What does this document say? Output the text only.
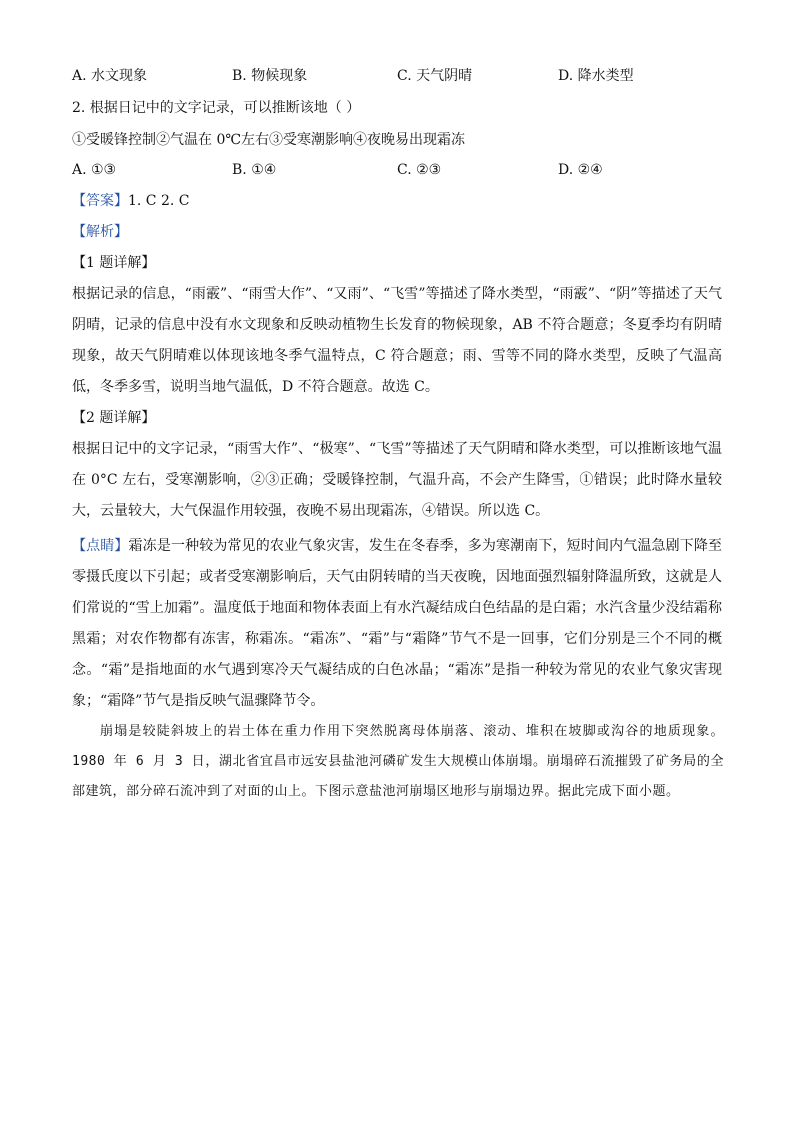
A. 水文现象	B. 物候现象	C. 天气阴晴	D. 降水类型
2. 根据日记中的文字记录，可以推断该地（ ）
①受暖锋控制②气温在 0℃左右③受寒潮影响④夜晚易出现霜冻
A. ①③	B. ①④	C. ②③	D. ②④
【答案】1. C 2. C
【解析】
【1 题详解】
根据记录的信息，“雨霰”、“雨雪大作”、“又雨”、“飞雪”等描述了降水类型，“雨霰”、“阴”等描述了天气阴晴，记录的信息中没有水文现象和反映动植物生长发育的物候现象，AB 不符合题意；冬夏季均有阴晴现象，故天气阴晴难以体现该地冬季气温特点，C 符合题意；雨、雪等不同的降水类型，反映了气温高低，冬季多雪，说明当地气温低，D 不符合题意。故选 C。
【2 题详解】
根据日记中的文字记录，“雨雪大作”、“极寒”、“飞雪”等描述了天气阴晴和降水类型，可以推断该地气温在 0°C 左右，受寒潮影响，②③正确；受暖锋控制，气温升高，不会产生降雪，①错误；此时降水量较大，云量较大，大气保温作用较强，夜晚不易出现霜冻，④错误。所以选 C。
【点睛】霜冻是一种较为常见的农业气象灾害，发生在冬春季，多为寒潮南下，短时间内气温急剧下降至零摄氏度以下引起；或者受寒潮影响后，天气由阴转晴的当天夜晚，因地面强烈辐射降温所致，这就是人们常说的“雪上加霜”。温度低于地面和物体表面上有水汽凝结成白色结晶的是白霜；水汽含量少没结霜称黑霜；对农作物都有冻害，称霜冻。“霜冻”、“霜”与“霜降”节气不是一回事，它们分别是三个不同的概念。“霜”是指地面的水气遇到寒冷天气凝结成的白色冰晶；“霜冻”是指一种较为常见的农业气象灾害现象；“霜降”节气是指反映气温骤降节令。
崩塌是较陡斜坡上的岩土体在重力作用下突然脱离母体崩落、滚动、堆积在坡脚或沟谷的地质现象。1980 年 6 月 3 日，湖北省宜昌市远安县盐池河磷矿发生大规模山体崩塌。崩塌碎石流摧毁了矿务局的全部建筑，部分碎石流冲到了对面的山上。下图示意盐池河崩塌区地形与崩塌边界。据此完成下面小题。
